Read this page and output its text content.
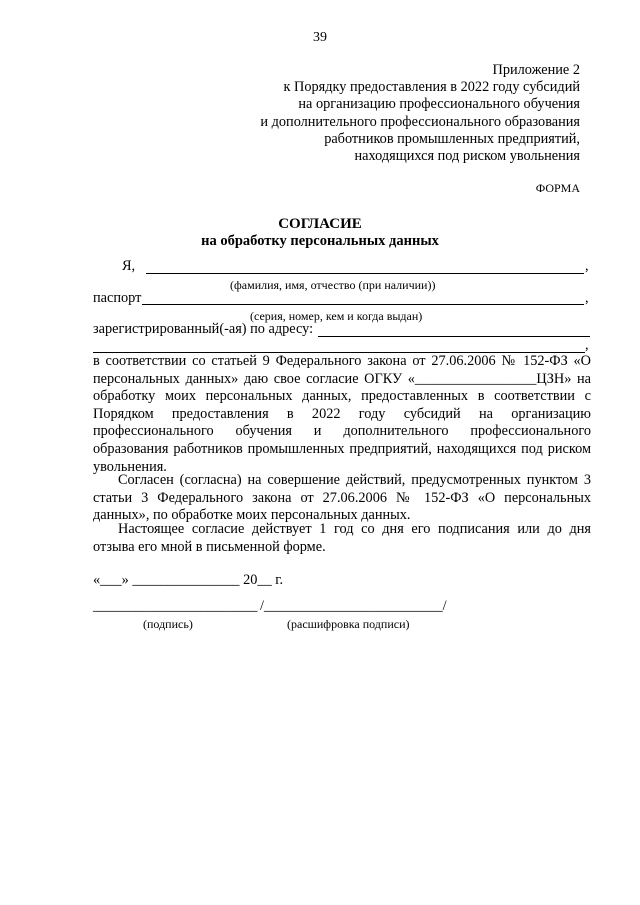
39
Приложение 2
к Порядку предоставления в 2022 году субсидий
на организацию профессионального обучения
и дополнительного профессионального образования
работников промышленных предприятий,
находящихся под риском увольнения
ФОРМА
СОГЛАСИЕ
на обработку персональных данных
Я,	,
(фамилия, имя, отчество (при наличии))
паспорт	,
(серия, номер, кем и когда выдан)
зарегистрированный(-ая) по адресу:
,
в соответствии со статьей 9 Федерального закона от 27.06.2006 № 152-ФЗ «О персональных данных» даю свое согласие ОГКУ «_________________ЦЗН» на обработку моих персональных данных, предоставленных в соответствии с Порядком предоставления в 2022 году субсидий на организацию профессионального обучения и дополнительного профессионального образования работников промышленных предприятий, находящихся под риском увольнения.
Согласен (согласна) на совершение действий, предусмотренных пунктом 3 статьи 3 Федерального закона от 27.06.2006 № 152-ФЗ «О персональных данных», по обработке моих персональных данных.
Настоящее согласие действует 1 год со дня его подписания или до дня отзыва его мной в письменной форме.
«___» _______________ 20__ г.
_______________________ /_________________________/
(подпись)	(расшифровка подписи)
